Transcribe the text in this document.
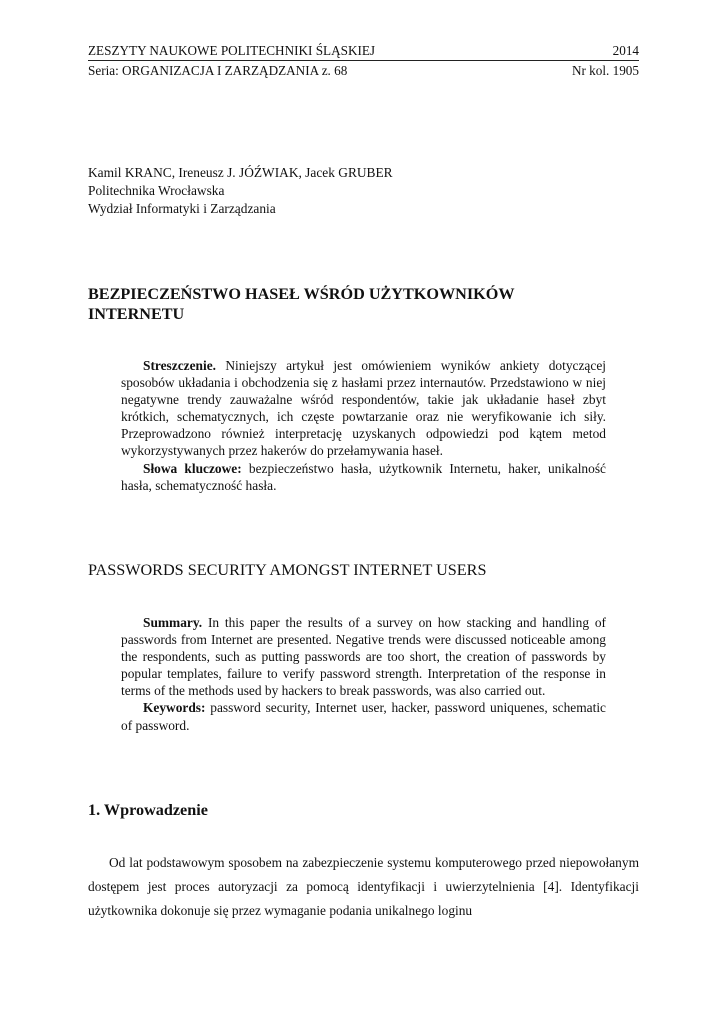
ZESZYTY NAUKOWE POLITECHNIKI ŚLĄSKIEJ	2014
Seria: ORGANIZACJA I ZARZĄDZANIA z. 68	Nr kol. 1905
Kamil KRANC, Ireneusz J. JÓŹWIAK, Jacek GRUBER
Politechnika Wrocławska
Wydział Informatyki i Zarządzania
BEZPIECZEŃSTWO HASEŁ WŚRÓD UŻYTKOWNIKÓW INTERNETU

Streszczenie. Niniejszy artykuł jest omówieniem wyników ankiety dotyczącej sposobów układania i obchodzenia się z hasłami przez internautów. Przedstawiono w niej negatywne trendy zauważalne wśród respondentów, takie jak układanie haseł zbyt krótkich, schematycznych, ich częste powtarzanie oraz nie weryfikowanie ich siły. Przeprowadzono również interpretację uzyskanych odpowiedzi pod kątem metod wykorzystywanych przez hakerów do przełamywania haseł.

Słowa kluczowe: bezpieczeństwo hasła, użytkownik Internetu, haker, unikalność hasła, schematyczność hasła.

PASSWORDS SECURITY AMONGST INTERNET USERS

Summary. In this paper the results of a survey on how stacking and handling of passwords from Internet are presented. Negative trends were discussed noticeable among the respondents, such as putting passwords are too short, the creation of passwords by popular templates, failure to verify password strength. Interpretation of the response in terms of the methods used by hackers to break passwords, was also carried out.

Keywords: password security, Internet user, hacker, password uniquenes, schematic of password.

1. Wprowadzenie

Od lat podstawowym sposobem na zabezpieczenie systemu komputerowego przed niepowołanym dostępem jest proces autoryzacji za pomocą identyfikacji i uwierzytelnienia [4]. Identyfikacji użytkownika dokonuje się przez wymaganie podania unikalnego loginu
